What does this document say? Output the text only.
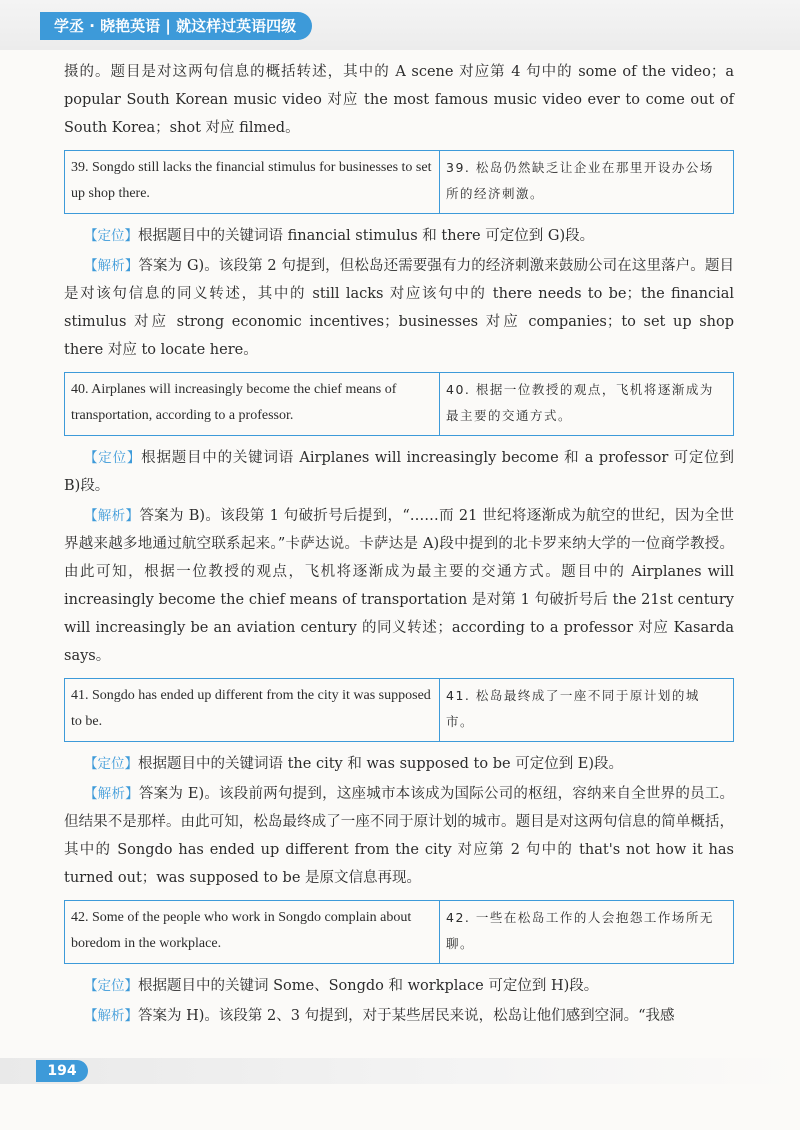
学丞 · 晓艳英语 | 就这样过英语四级

摄的。题目是对这两句信息的概括转述，其中的 A scene 对应第 4 句中的 some of the video；a popular South Korean music video 对应 the most famous music video ever to come out of South Korea；shot 对应 filmed。

39. Songdo still lacks the financial stimulus for businesses to set up shop there.	39. 松岛仍然缺乏让企业在那里开设办公场所的经济刺激。

【定位】根据题目中的关键词语 financial stimulus 和 there 可定位到 G)段。

【解析】答案为 G)。该段第 2 句提到，但松岛还需要强有力的经济刺激来鼓励公司在这里落户。题目是对该句信息的同义转述，其中的 still lacks 对应该句中的 there needs to be；the financial stimulus 对应 strong economic incentives；businesses 对应 companies；to set up shop there 对应 to locate here。

40. Airplanes will increasingly become the chief means of transportation, according to a professor.	40. 根据一位教授的观点，飞机将逐渐成为最主要的交通方式。

【定位】根据题目中的关键词语 Airplanes will increasingly become 和 a professor 可定位到 B)段。

【解析】答案为 B)。该段第 1 句破折号后提到，“……而 21 世纪将逐渐成为航空的世纪，因为全世界越来越多地通过航空联系起来。”卡萨达说。卡萨达是 A)段中提到的北卡罗来纳大学的一位商学教授。由此可知，根据一位教授的观点，飞机将逐渐成为最主要的交通方式。题目中的 Airplanes will increasingly become the chief means of transportation 是对第 1 句破折号后 the 21st century will increasingly be an aviation century 的同义转述；according to a professor 对应 Kasarda says。

41. Songdo has ended up different from the city it was supposed to be.	41. 松岛最终成了一座不同于原计划的城市。

【定位】根据题目中的关键词语 the city 和 was supposed to be 可定位到 E)段。

【解析】答案为 E)。该段前两句提到，这座城市本该成为国际公司的枢纽，容纳来自全世界的员工。但结果不是那样。由此可知，松岛最终成了一座不同于原计划的城市。题目是对这两句信息的简单概括，其中的 Songdo has ended up different from the city 对应第 2 句中的 that's not how it has turned out；was supposed to be 是原文信息再现。

42. Some of the people who work in Songdo complain about boredom in the workplace.	42. 一些在松岛工作的人会抱怨工作场所无聊。

【定位】根据题目中的关键词 Some、Songdo 和 workplace 可定位到 H)段。

【解析】答案为 H)。该段第 2、3 句提到，对于某些居民来说，松岛让他们感到空洞。“我感

194
